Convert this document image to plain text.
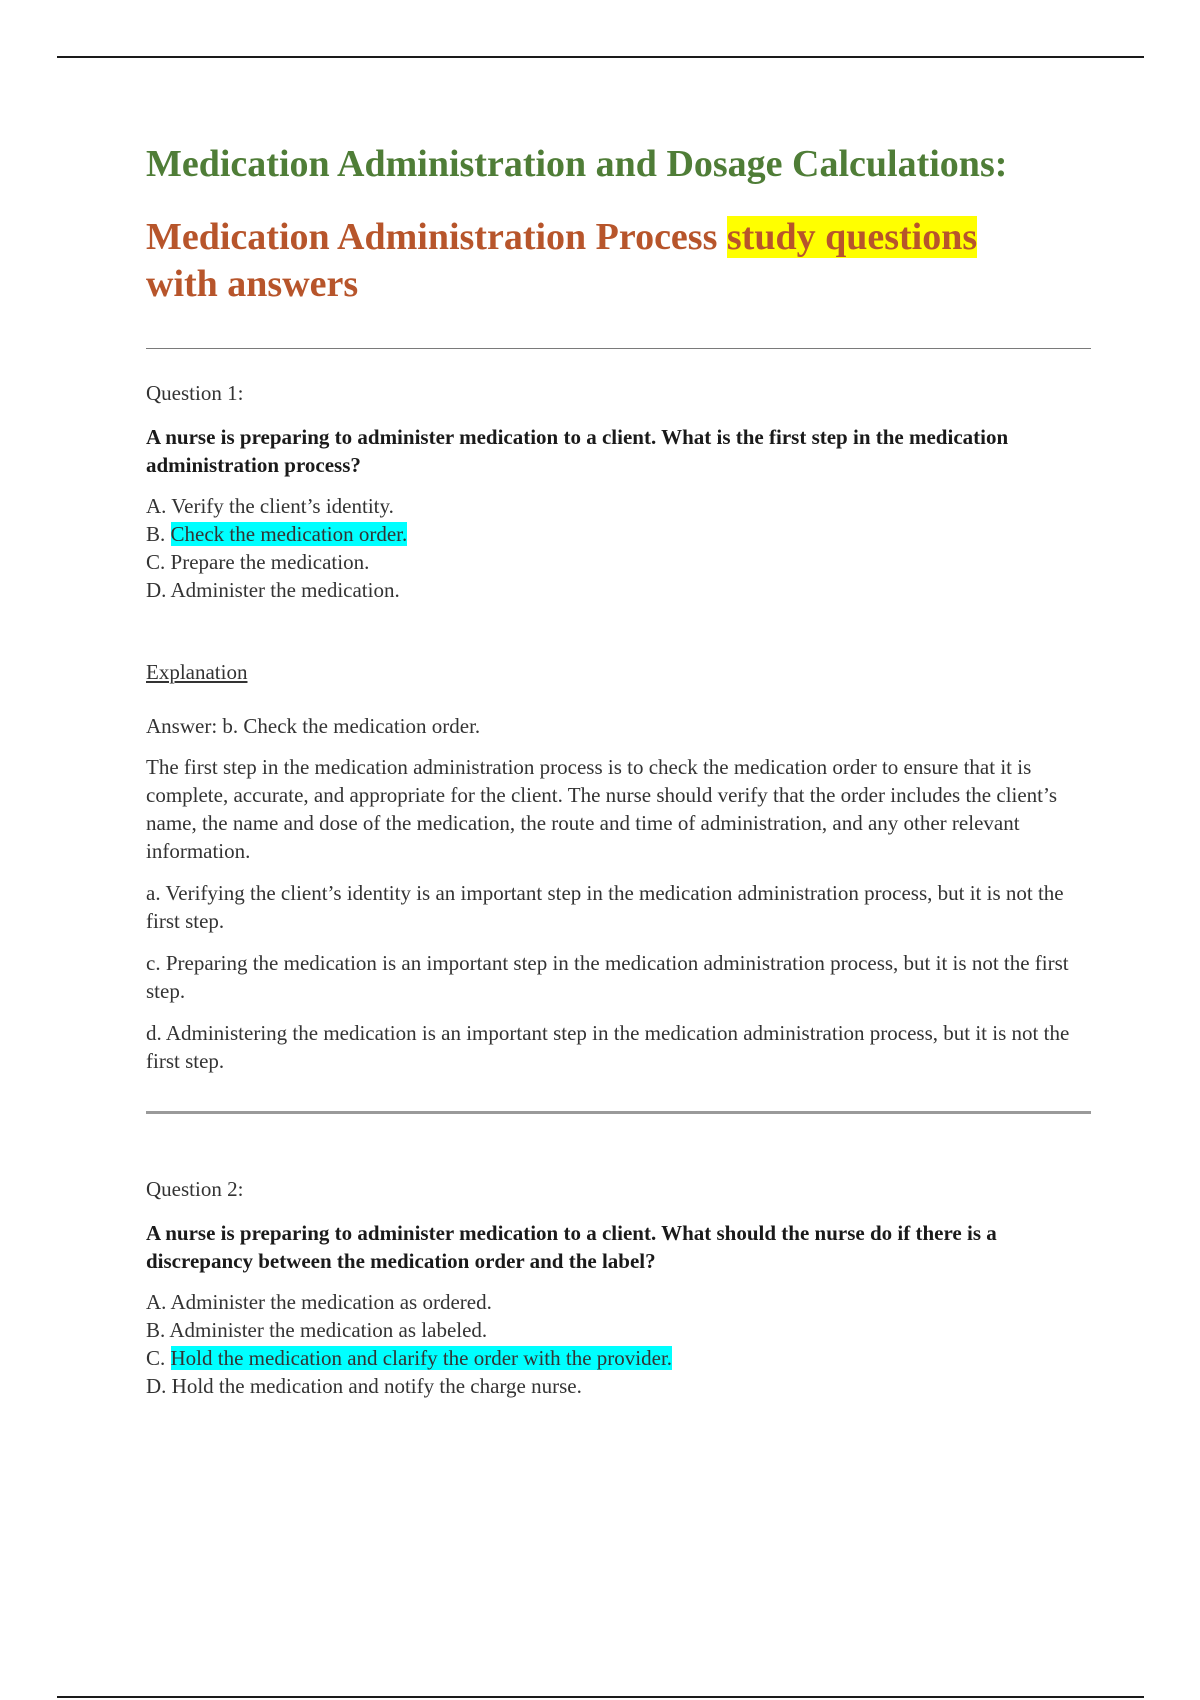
Medication Administration and Dosage Calculations:
Medication Administration Process study questions
with answers

Question 1:

A nurse is preparing to administer medication to a client. What is the first step in the medication administration process?

A. Verify the client’s identity.
B. Check the medication order.
C. Prepare the medication.
D. Administer the medication.

Explanation

Answer: b. Check the medication order.

The first step in the medication administration process is to check the medication order to ensure that it is complete, accurate, and appropriate for the client. The nurse should verify that the order includes the client’s name, the name and dose of the medication, the route and time of administration, and any other relevant information.

a. Verifying the client’s identity is an important step in the medication administration process, but it is not the first step.

c. Preparing the medication is an important step in the medication administration process, but it is not the first step.

d. Administering the medication is an important step in the medication administration process, but it is not the first step.

Question 2:

A nurse is preparing to administer medication to a client. What should the nurse do if there is a discrepancy between the medication order and the label?

A. Administer the medication as ordered.
B. Administer the medication as labeled.
C. Hold the medication and clarify the order with the provider.
D. Hold the medication and notify the charge nurse.
